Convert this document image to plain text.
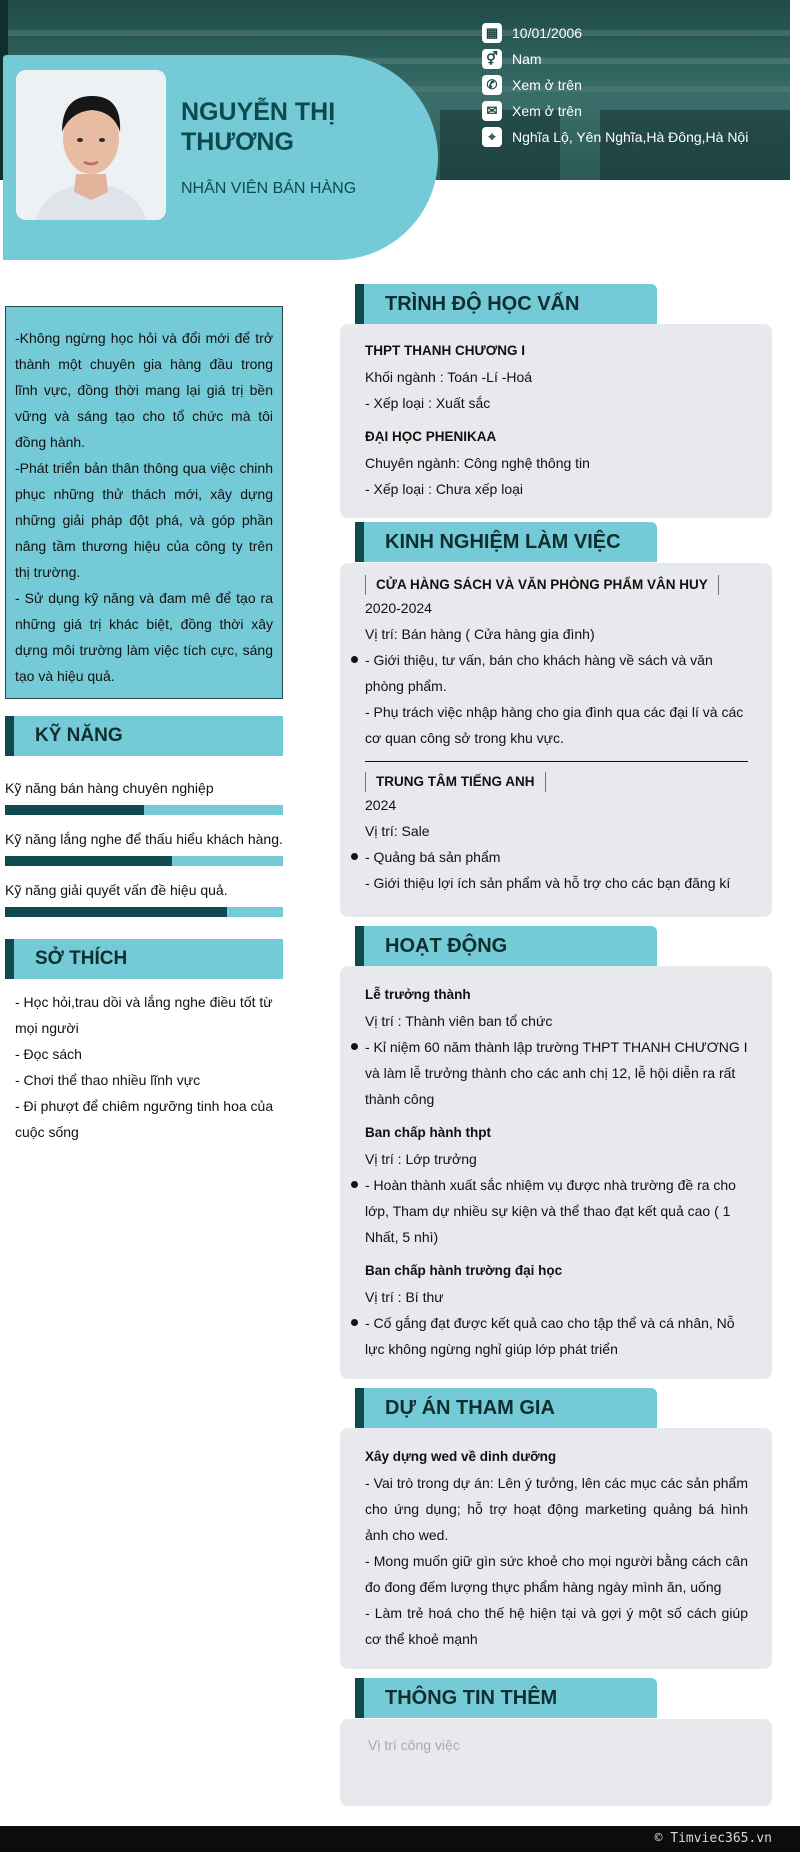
NGUYỄN THỊ THƯƠNG
NHÂN VIÊN BÁN HÀNG
▦ 10/01/2006
⚥ Nam
✆	Xem ở trên
✉	Xem ở trên
⌖	Nghĩa Lộ, Yên Nghĩa,Hà Đông,Hà Nội

-Không ngừng học hỏi và đổi mới để trở thành một chuyên gia hàng đầu trong lĩnh vực, đồng thời mang lại giá trị bền vững và sáng tạo cho tổ chức mà tôi đồng hành.

-Phát triển bản thân thông qua việc chinh phục những thử thách mới, xây dựng những giải pháp đột phá, và góp phần nâng tầm thương hiệu của công ty trên thị trường.

- Sử dụng kỹ năng và đam mê để tạo ra những giá trị khác biệt, đồng thời xây dựng môi trường làm việc tích cực, sáng tạo và hiệu quả.

KỸ NĂNG
Kỹ năng bán hàng chuyên nghiệp
Kỹ năng lắng nghe để thấu hiểu khách hàng.
Kỹ năng giải quyết vấn đề hiệu quả.
SỞ THÍCH
- Học hỏi,trau dồi và lắng nghe điều tốt từ mọi người
- Đọc sách
- Chơi thể thao nhiều lĩnh vực
- Đi phượt để chiêm ngưỡng tinh hoa của cuộc sống
THPT THANH CHƯƠNG I
Khối ngành : Toán -Lí -Hoá
- Xếp loại : Xuất sắc
ĐẠI HỌC PHENIKAA
Chuyên ngành: Công nghệ thông tin
- Xếp loại : Chưa xếp loại
TRÌNH ĐỘ HỌC VẤN
CỬA HÀNG SÁCH VÀ VĂN PHÒNG PHẨM VÂN HUY
2020-2024
Vị trí: Bán hàng ( Cửa hàng gia đình)
- Giới thiệu, tư vấn, bán cho khách hàng về sách và văn phòng phẩm.
- Phụ trách việc nhập hàng cho gia đình qua các đại lí và các cơ quan công sở trong khu vực.
TRUNG TÂM TIẾNG ANH
2024
Vị trí: Sale
- Quảng bá sản phẩm
- Giới thiệu lợi ích sản phẩm và hỗ trợ cho các bạn đăng kí
KINH NGHIỆM LÀM VIỆC
Lễ trưởng thành
Vị trí : Thành viên ban tổ chức
- Kỉ niệm 60 năm thành lập trường THPT THANH CHƯƠNG I và làm lễ trưởng thành cho các anh chị 12, lễ hội diễn ra rất thành công
Ban chấp hành thpt
Vị trí : Lớp trưởng
- Hoàn thành xuất sắc nhiệm vụ được nhà trường đề ra cho lớp, Tham dự nhiều sự kiện và thể thao đạt kết quả cao ( 1 Nhất, 5 nhì)
Ban chấp hành trường đại học
Vị trí : Bí thư
- Cố gắng đạt được kết quả cao cho tập thể và cá nhân, Nỗ lực không ngừng nghỉ giúp lớp phát triển
HOẠT ĐỘNG
Xây dựng wed về dinh dưỡng
- Vai trò trong dự án: Lên ý tưởng, lên các mục các sản phẩm cho ứng dụng; hỗ trợ hoạt động marketing quảng bá hình ảnh cho wed.
- Mong muốn giữ gìn sức khoẻ cho mọi người bằng cách cân đo đong đếm lượng thực phẩm hàng ngày mình ăn, uống
- Làm trẻ hoá cho thế hệ hiện tại và gợi ý một số cách giúp cơ thể khoẻ mạnh
DỰ ÁN THAM GIA
Vị trí công việc
THÔNG TIN THÊM
© Timviec365.vn
